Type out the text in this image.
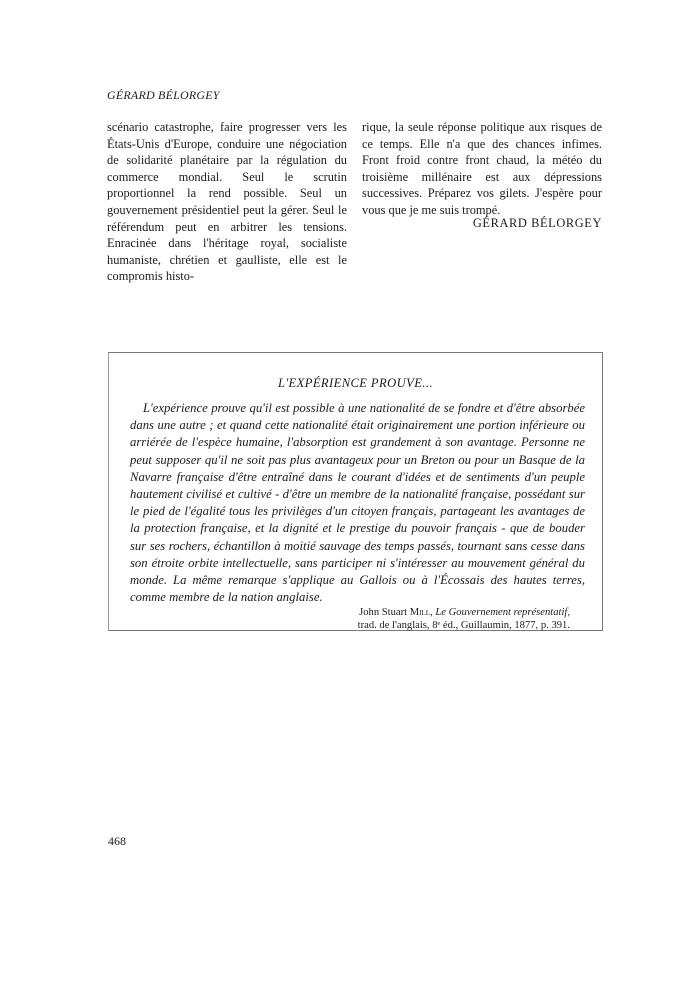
GÉRARD BÉLORGEY

scénario catastrophe, faire progresser vers les États-Unis d'Europe, conduire une négociation de solidarité planétaire par la régulation du commerce mondial. Seul le scrutin proportionnel la rend possible. Seul un gouvernement présidentiel peut la gérer. Seul le référendum peut en arbitrer les tensions. Enracinée dans l'héritage royal, socialiste humaniste, chrétien et gaulliste, elle est le compromis histo-

rique, la seule réponse politique aux risques de ce temps. Elle n'a que des chances infimes. Front froid contre front chaud, la météo du troisième millénaire est aux dépressions successives. Préparez vos gilets. J'espère pour vous que je me suis trompé.

GÉRARD BÉLORGEY
L'EXPÉRIENCE PROUVE...

L'expérience prouve qu'il est possible à une nationalité de se fondre et d'être absorbée dans une autre ; et quand cette nationalité était originairement une portion inférieure ou arriérée de l'espèce humaine, l'absorption est grandement à son avantage. Personne ne peut supposer qu'il ne soit pas plus avantageux pour un Breton ou pour un Basque de la Navarre française d'être entraîné dans le courant d'idées et de sentiments d'un peuple hautement civilisé et cultivé - d'être un membre de la nationalité française, possédant sur le pied de l'égalité tous les privilèges d'un citoyen français, partageant les avantages de la protection française, et la dignité et le prestige du pouvoir français - que de bouder sur ses rochers, échantillon à moitié sauvage des temps passés, tournant sans cesse dans son étroite orbite intellectuelle, sans participer ni s'intéresser au mouvement général du monde. La même remarque s'applique au Gallois ou à l'Écossais des hautes terres, comme membre de la nation anglaise.

John Stuart Mill, Le Gouvernement représentatif,
trad. de l'anglais, 8ᵉ éd., Guillaumin, 1877, p. 391.
468
